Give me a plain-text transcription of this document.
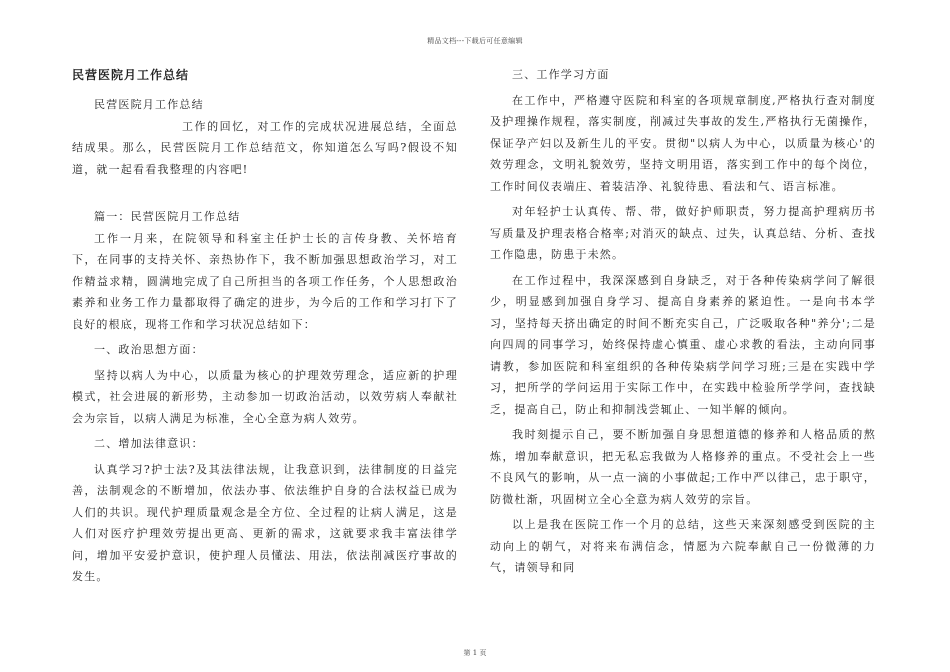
精品文档---下载后可任意编辑
民营医院月工作总结

民营医院月工作总结

工作的回忆，对工作的完成状况进展总结，全面总结成果。那么，民营医院月工作总结范文，你知道怎么写吗?假设不知道，就一起看看我整理的内容吧!

篇一：民营医院月工作总结

工作一月来，在院领导和科室主任护士长的言传身教、关怀培育下，在同事的支持关怀、亲热协作下，我不断加强思想政治学习，对工作精益求精，圆满地完成了自己所担当的各项工作任务，个人思想政治素养和业务工作力量都取得了确定的进步，为今后的工作和学习打下了良好的根底，现将工作和学习状况总结如下：

一、政治思想方面：

坚持以病人为中心，以质量为核心的护理效劳理念，适应新的护理模式，社会进展的新形势，主动参加一切政治活动，以效劳病人奉献社会为宗旨，以病人满足为标准，全心全意为病人效劳。

二、增加法律意识：

认真学习?护士法?及其法律法规，让我意识到，法律制度的日益完善，法制观念的不断增加，依法办事、依法维护自身的合法权益已成为人们的共识。现代护理质量观念是全方位、全过程的让病人满足，这是人们对医疗护理效劳提出更高、更新的需求，这就要求我丰富法律学问，增加平安爱护意识，使护理人员懂法、用法，依法削减医疗事故的发生。

三、工作学习方面

在工作中，严格遵守医院和科室的各项规章制度,严格执行查对制度及护理操作规程，落实制度，削减过失事故的发生,严格执行无菌操作，保证孕产妇以及新生儿的平安。贯彻"以病人为中心，以质量为核心'的效劳理念，文明礼貌效劳，坚持文明用语，落实到工作中的每个岗位，工作时间仪表端庄、着装洁净、礼貌待患、看法和气、语言标准。

对年轻护士认真传、帮、带，做好护师职责，努力提高护理病历书写质量及护理表格合格率;对消灭的缺点、过失，认真总结、分析、查找工作隐患，防患于未然。

在工作过程中，我深深感到自身缺乏，对于各种传染病学问了解很少，明显感到加强自身学习、提高自身素养的紧迫性。一是向书本学习，坚持每天挤出确定的时间不断充实自己，广泛吸取各种"养分';二是向四周的同事学习，始终保持虚心慎重、虚心求教的看法，主动向同事请教，参加医院和科室组织的各种传染病学问学习班;三是在实践中学习，把所学的学问运用于实际工作中，在实践中检验所学学问，查找缺乏，提高自己，防止和抑制浅尝辄止、一知半解的倾向。

我时刻提示自己，要不断加强自身思想道德的修养和人格品质的熬炼，增加奉献意识，把无私忘我做为人格修养的重点。不受社会上一些不良风气的影响，从一点一滴的小事做起;工作中严以律己，忠于职守，防微杜渐，巩固树立全心全意为病人效劳的宗旨。

以上是我在医院工作一个月的总结，这些天来深刻感受到医院的主动向上的朝气，对将来布满信念，情愿为六院奉献自己一份微薄的力气，请领导和同

第 1 页
